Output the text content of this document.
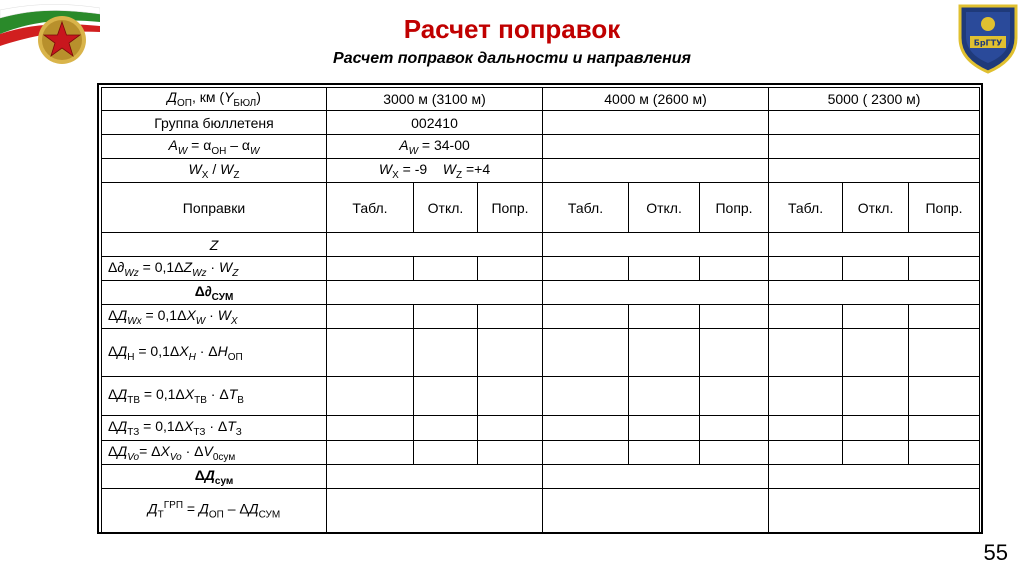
Расчет поправок
Расчет поправок дальности и направления
БрГТУ
$Д_{ОП}$, км $(Y_{БЮЛ})$	3000 м (3100 м)			4000 м (2600 м)			5000 ( 2300 м)		
Группа бюллетеня	002410								
$A_W = \alpha_{ОН} - \alpha_W$	$A_W = 34-00$								
$W_X / W_Z$	$W_X = -9$ $W_Z =+4$								
Поправки	Табл.	Откл.	Попр.	Табл.	Откл.	Попр.	Табл.	Откл.	Попр.
Z									
$\Delta\partial_{Wz} = 0,1\Delta Z_{Wz} \cdot W_Z$									
$\Delta\partial_{СУМ}$			
$\Delta Д_{Wx} = 0,1\Delta X_W \cdot W_X$									
$\Delta Д_Н = 0,1\Delta X_H \cdot \Delta H_{ОП}$									
$\Delta Д_{ТВ} = 0,1\Delta X_{ТВ} \cdot \Delta T_В$									
$\Delta Д_{ТЗ} = 0,1\Delta X_{ТЗ} \cdot \Delta T_З$									
$\Delta Д_{Vo}= \Delta X_{Vo} \cdot \Delta V_{0сум}$									
$\Delta Д_{сум}$			
$Д_Т^{ГРП} = Д_{ОП} - \Delta Д_{СУМ}$			
55
